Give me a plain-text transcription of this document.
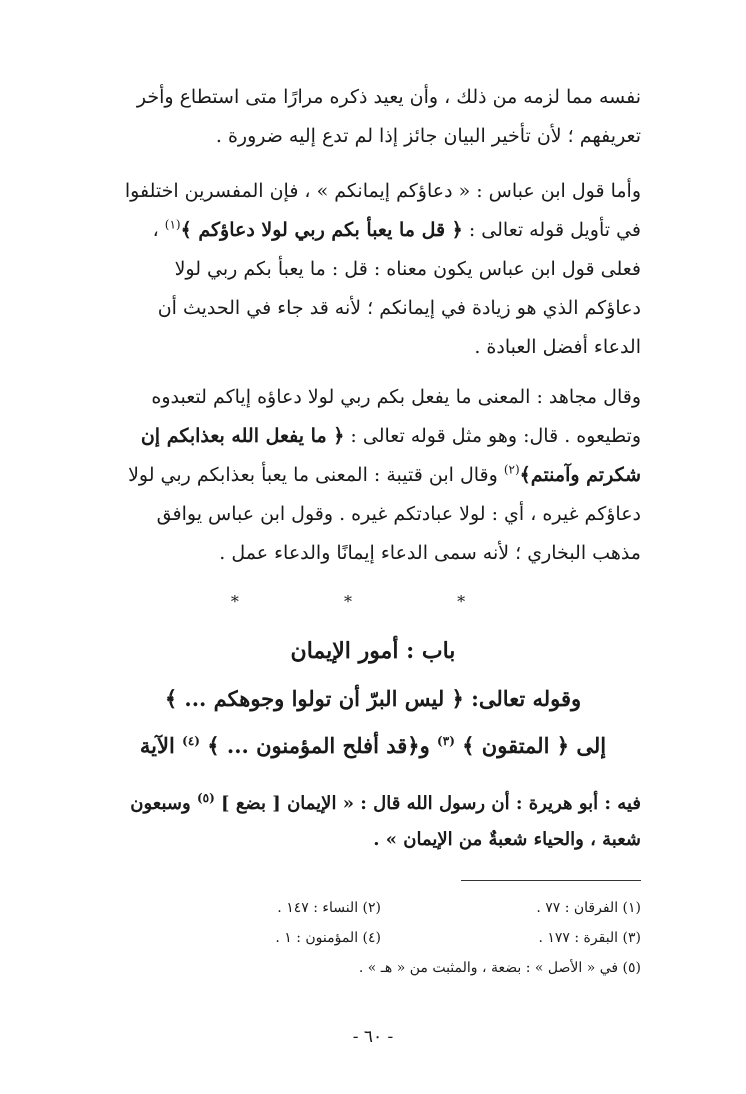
نفسه مما لزمه من ذلك ، وأن يعيد ذكره مرارًا متى استطاع وأخر

تعريفهم ؛ لأن تأخير البيان جائز إذا لم تدع إليه ضرورة .

وأما قول ابن عباس : « دعاؤكم إيمانكم » ، فإن المفسرين اختلفوا

في تأويل قوله تعالى : ﴿ قل ما يعبأ بكم ربي لولا دعاؤكم ﴾$^{(١)}$ ،

فعلى قول ابن عباس يكون معناه : قل : ما يعبأ بكم ربي لولا

دعاؤكم الذي هو زيادة في إيمانكم ؛ لأنه قد جاء في الحديث أن

الدعاء أفضل العبادة .

وقال مجاهد : المعنى ما يفعل بكم ربي لولا دعاؤه إياكم لتعبدوه

وتطيعوه . قال: وهو مثل قوله تعالى : ﴿ ما يفعل الله بعذابكم إن

شكرتم وآمنتم﴾$^{(٢)}$ وقال ابن قتيبة : المعنى ما يعبأ بعذابكم ربي لولا

دعاؤكم غيره ، أي : لولا عبادتكم غيره . وقول ابن عباس يوافق

مذهب البخاري ؛ لأنه سمى الدعاء إيمانًا والدعاء عمل .

* * *

باب : أمور الإيمان

وقوله تعالى: ﴿ ليس البرّ أن تولوا وجوهكم ... ﴾

إلى ﴿ المتقون ﴾ $^{(٣)}$ و﴿قد أفلح المؤمنون ... ﴾ $^{(٤)}$ الآية

فيه : أبو هريرة : أن رسول الله قال : « الإيمان [ بضع ] $^{(٥)}$ وسبعون
شعبة ، والحياء شعبةٌ من الإيمان » .

(١) الفرقان : ٧٧ .
(٢) النساء : ١٤٧ .
(٣) البقرة : ١٧٧ .
(٤) المؤمنون : ١ .
(٥) في « الأصل » : بضعة ، والمثبت من « هـ » .
- ٦٠ -
